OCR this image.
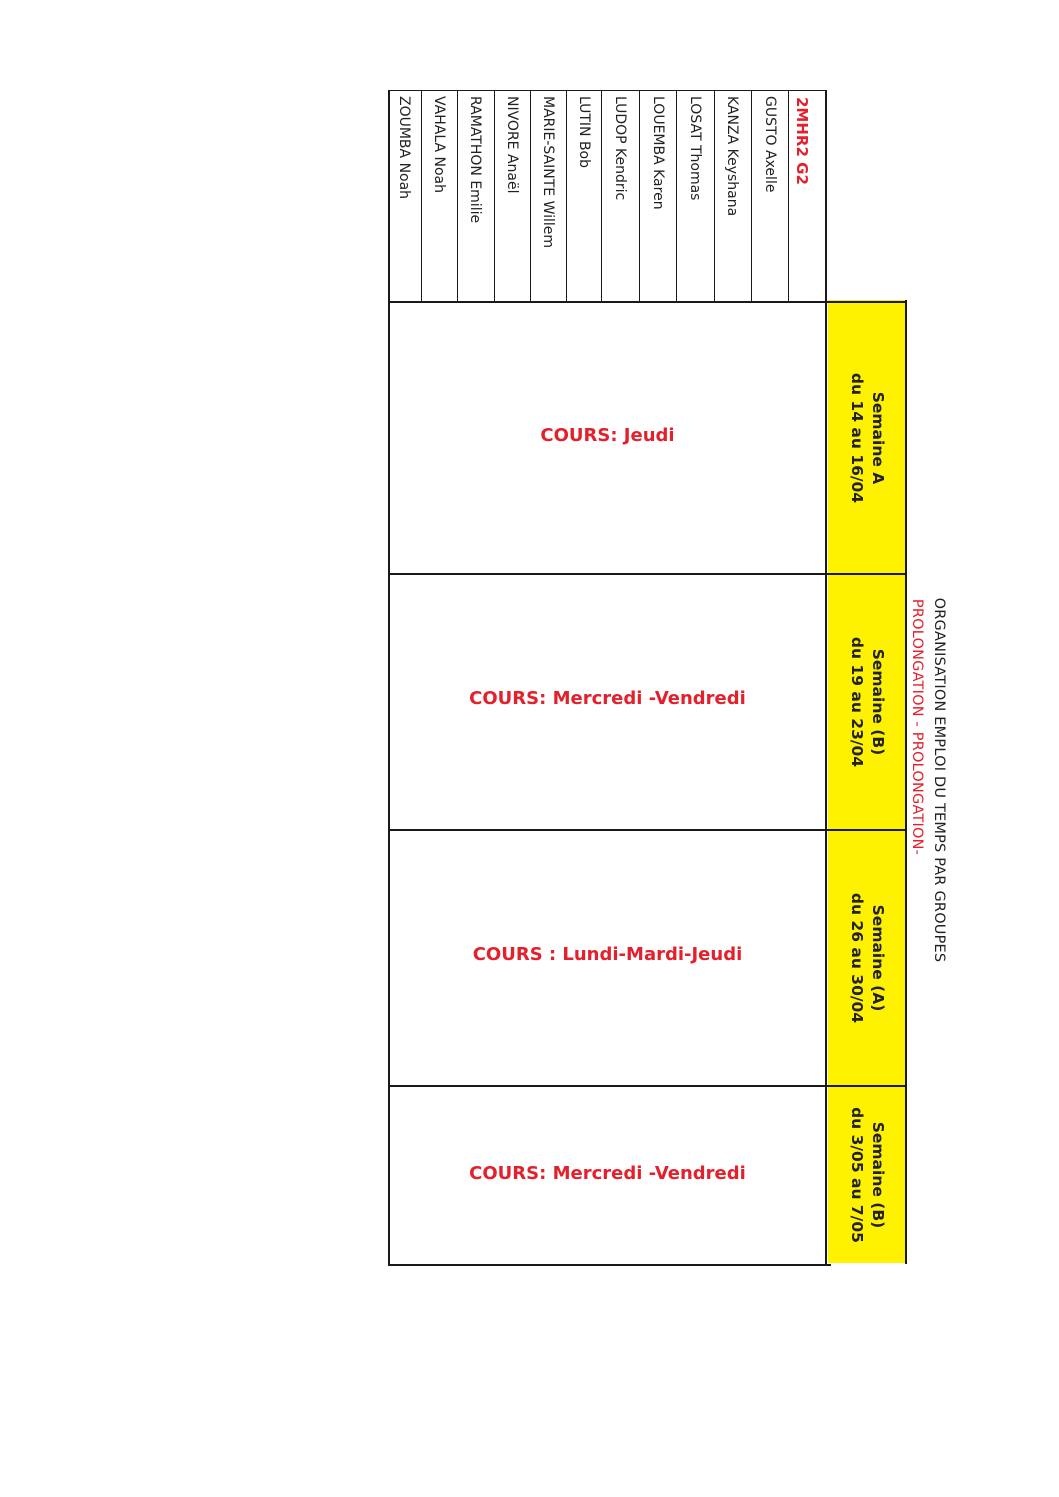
ORGANISATION EMPLOI DU TEMPS PAR GROUPES
PROLONGATION - PROLONGATION-
2MHR2 G2
GUSTO Axelle
KANZA Keyshana
LOSAT Thomas
LOUEMBA Karen
LUDOP Kendric
LUTIN Bob
MARIE-SAINTE Willem
NIVORE Anaël
RAMATHON Emilie
VAHALA Noah
ZOUMBA Noah
Semaine A
du 14 au 16/04
Semaine (B)
du 19 au 23/04
Semaine (A)
du 26 au 30/04
Semaine (B)
du 3/05 au 7/05
COURS: Jeudi
COURS: Mercredi -Vendredi
COURS : Lundi-Mardi-Jeudi
COURS: Mercredi -Vendredi
